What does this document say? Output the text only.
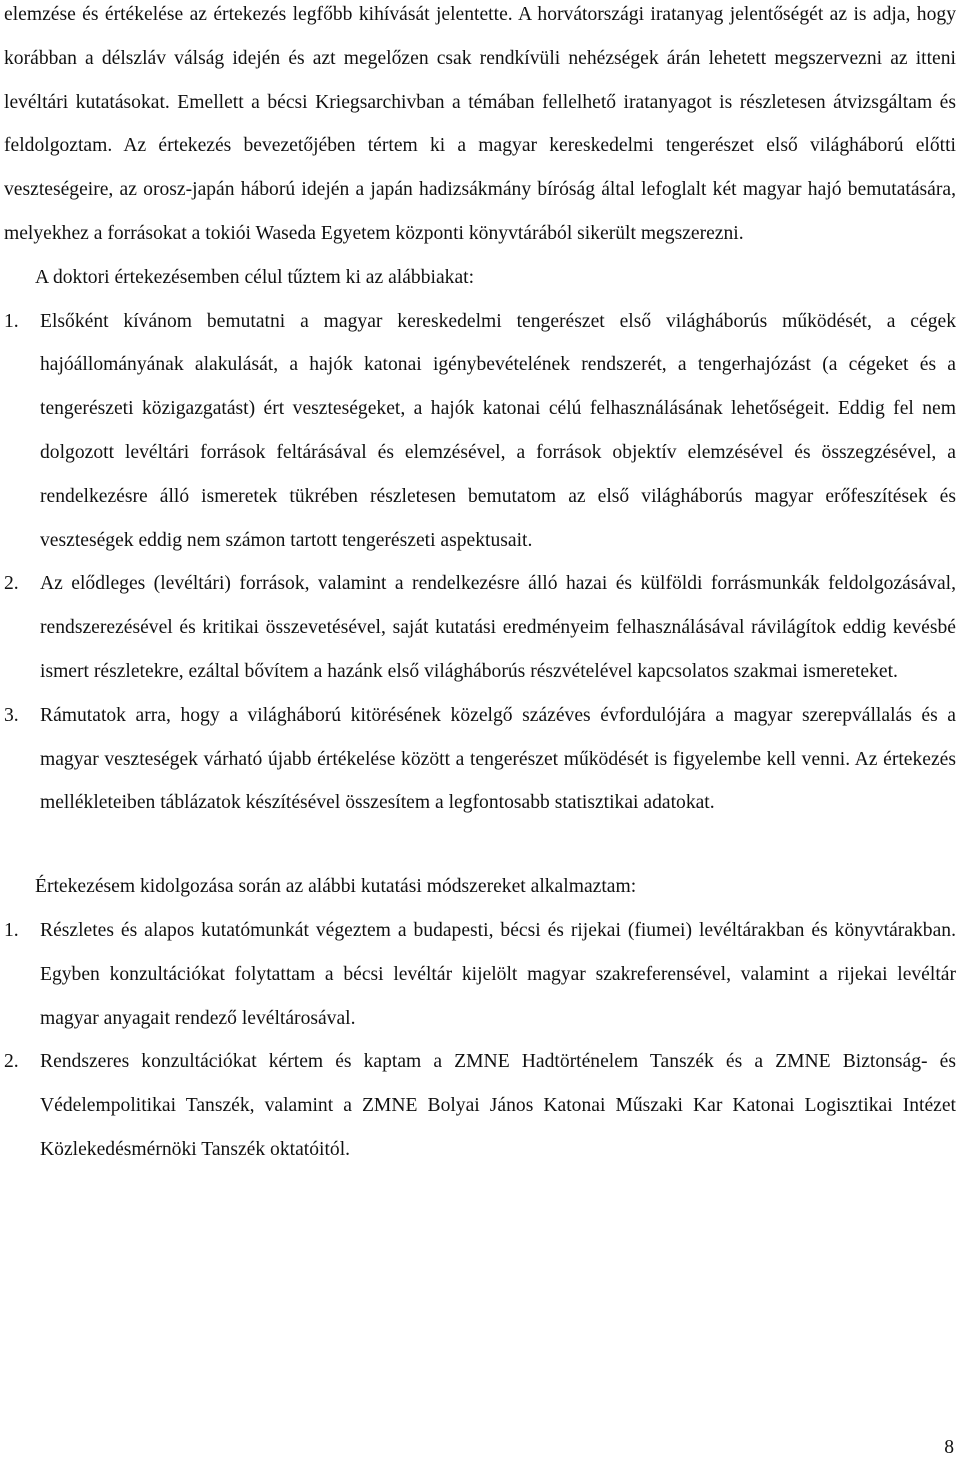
elemzése és értékelése az értekezés legfőbb kihívását jelentette. A horvátországi iratanyag jelentőségét az is adja, hogy korábban a délszláv válság idején és azt megelőzen csak rendkívüli nehézségek árán lehetett megszervezni az itteni levéltári kutatásokat. Emellett a bécsi Kriegsarchivban a témában fellelhető iratanyagot is részletesen átvizsgáltam és feldolgoztam. Az értekezés bevezetőjében tértem ki a magyar kereskedelmi tengerészet első világháború előtti veszteségeire, az orosz-japán háború idején a japán hadizsákmány bíróság által lefoglalt két magyar hajó bemutatására, melyekhez a forrásokat a tokiói Waseda Egyetem központi könyvtárából sikerült megszerezni.

A doktori értekezésemben célul tűztem ki az alábbiakat:

1. Elsőként kívánom bemutatni a magyar kereskedelmi tengerészet első világháborús működését, a cégek hajóállományának alakulását, a hajók katonai igénybevételének rendszerét, a tengerhajózást (a cégeket és a tengerészeti közigazgatást) ért veszteségeket, a hajók katonai célú felhasználásának lehetőségeit. Eddig fel nem dolgozott levéltári források feltárásával és elemzésével, a források objektív elemzésével és összegzésével, a rendelkezésre álló ismeretek tükrében részletesen bemutatom az első világháborús magyar erőfeszítések és veszteségek eddig nem számon tartott tengerészeti aspektusait.
2. Az elődleges (levéltári) források, valamint a rendelkezésre álló hazai és külföldi forrásmunkák feldolgozásával, rendszerezésével és kritikai összevetésével, saját kutatási eredményeim felhasználásával rávilágítok eddig kevésbé ismert részletekre, ezáltal bővítem a hazánk első világháborús részvételével kapcsolatos szakmai ismereteket.
3. Rámutatok arra, hogy a világháború kitörésének közelgő százéves évfordulójára a magyar szerepvállalás és a magyar veszteségek várható újabb értékelése között a tengerészet működését is figyelembe kell venni. Az értekezés mellékleteiben táblázatok készítésével összesítem a legfontosabb statisztikai adatokat.

Értekezésem kidolgozása során az alábbi kutatási módszereket alkalmaztam:

1. Részletes és alapos kutatómunkát végeztem a budapesti, bécsi és rijekai (fiumei) levéltárakban és könyvtárakban. Egyben konzultációkat folytattam a bécsi levéltár kijelölt magyar szakreferensével, valamint a rijekai levéltár magyar anyagait rendező levéltárosával.
2. Rendszeres konzultációkat kértem és kaptam a ZMNE Hadtörténelem Tanszék és a ZMNE Biztonság- és Védelempolitikai Tanszék, valamint a ZMNE Bolyai János Katonai Műszaki Kar Katonai Logisztikai Intézet Közlekedésmérnöki Tanszék oktatóitól.
8
